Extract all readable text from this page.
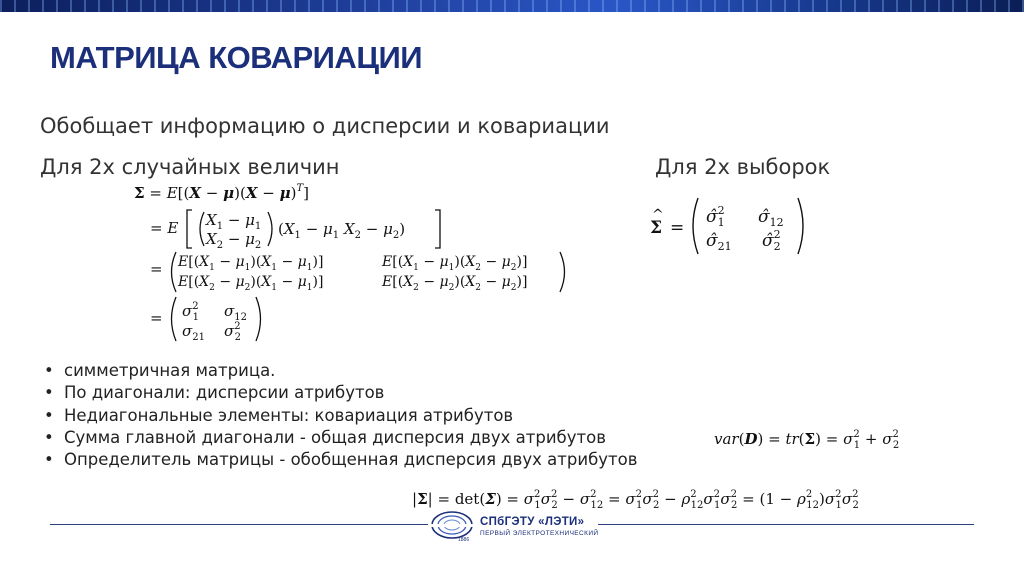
МАТРИЦА КОВАРИАЦИИ
Обобщает информацию о дисперсии и ковариации
Для 2х случайных величин	Для 2х выборок
$\Sigma = E[(X - \mu)(X - \mu)^T]$
= E $X_1 - \mu_1$
$X_2 - \mu_2$
($X_1 - \mu_1$ $X_2 - \mu_2$)
= $E[(X_1 - \mu_1)(X_1 - \mu_1)]$	$E[(X_1 - \mu_1)(X_2 - \mu_2)]$
$E[(X_2 - \mu_2)(X_1 - \mu_1)]$	$E[(X_2 - \mu_2)(X_2 - \mu_2)]$
= $\sigma^2$ 1 $\sigma_{12}$
$\sigma_{21}$ $\sigma^2$ 2
Σ
^
=
σ̂$^2$ 1 $\sigmâ_{12}$
$\sigmâ_{21}$ σ̂$^2$ 2
• симметричная матрица.
• По диагонали: дисперсии атрибутов
• Недиагональные элементы: ковариация атрибутов
• Сумма главной диагонали - общая дисперсия двух атрибутов
• Определитель матрицы - обобщенная дисперсия двух атрибутов
$var(D) = tr(\Sigma) = \sigma^2$ $1 + \sigma^2$ 2
$|\Sigma| = \det(\Sigma) = \sigma^2$ $1\sigma^2$ $2 - \sigma^2$ $12 = \sigma^2$ $1\sigma^2$ $2 - \rho^2$ $12\sigma^2$ $1\sigma^2$ $2 = (1 - \rho^2$ $12)\sigma^2$ $1\sigma^2$ 2
СПбГЭТУ «ЛЭТИ»
ПЕРВЫЙ ЭЛЕКТРОТЕХНИЧЕСКИЙ
1886
